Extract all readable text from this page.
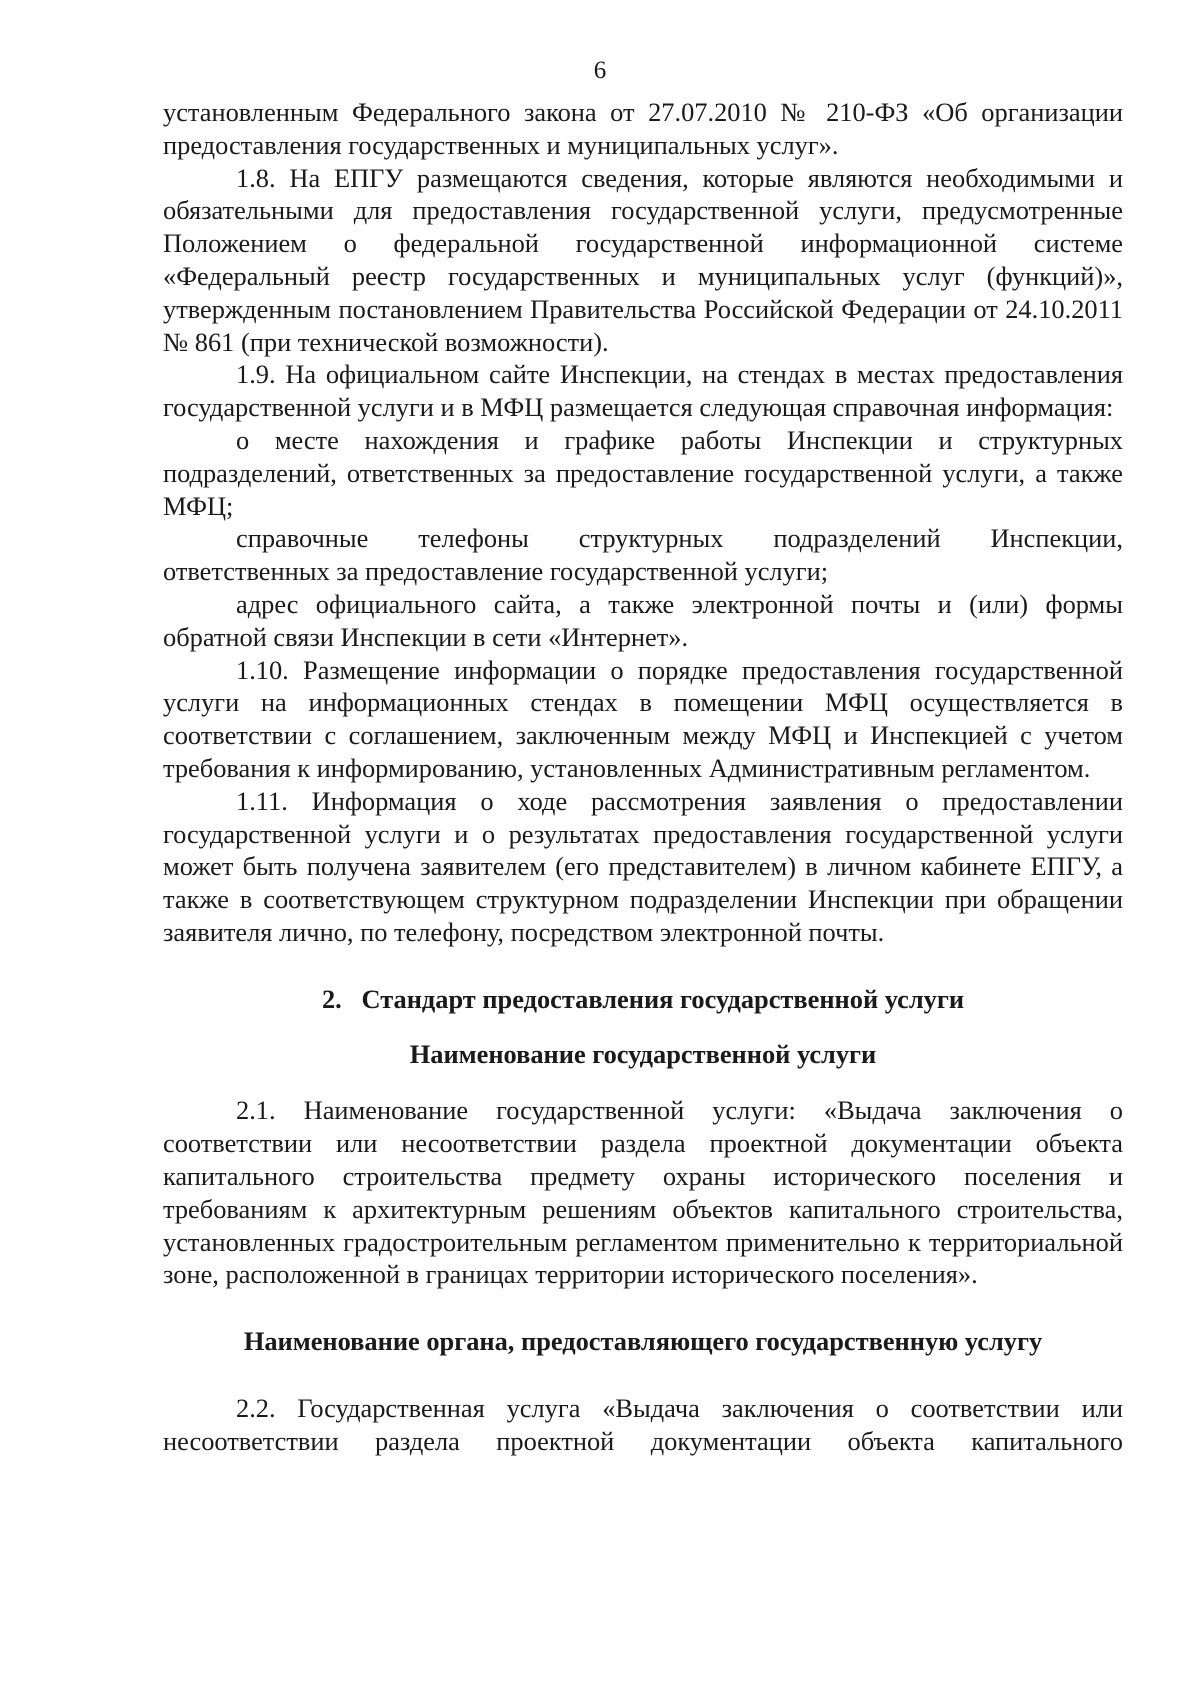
6

установленным Федерального закона от 27.07.2010 № 210-ФЗ «Об организации предоставления государственных и муниципальных услуг».

1.8. На ЕПГУ размещаются сведения, которые являются необходимыми и обязательными для предоставления государственной услуги, предусмотренные Положением о федеральной государственной информационной системе «Федеральный реестр государственных и муниципальных услуг (функций)», утвержденным постановлением Правительства Российской Федерации от 24.10.2011 № 861 (при технической возможности).

1.9. На официальном сайте Инспекции, на стендах в местах предоставления государственной услуги и в МФЦ размещается следующая справочная информация:

о месте нахождения и графике работы Инспекции и структурных подразделений, ответственных за предоставление государственной услуги, а также МФЦ;

справочные телефоны структурных подразделений Инспекции, ответственных за предоставление государственной услуги;

адрес официального сайта, а также электронной почты и (или) формы обратной связи Инспекции в сети «Интернет».

1.10. Размещение информации о порядке предоставления государственной услуги на информационных стендах в помещении МФЦ осуществляется в соответствии с соглашением, заключенным между МФЦ и Инспекцией с учетом требования к информированию, установленных Административным регламентом.

1.11. Информация о ходе рассмотрения заявления о предоставлении государственной услуги и о результатах предоставления государственной услуги может быть получена заявителем (его представителем) в личном кабинете ЕПГУ, а также в соответствующем структурном подразделении Инспекции при обращении заявителя лично, по телефону, посредством электронной почты.

2.   Стандарт предоставления государственной услуги

Наименование государственной услуги

2.1. Наименование государственной услуги: «Выдача заключения о соответствии или несоответствии раздела проектной документации объекта капитального строительства предмету охраны исторического поселения и требованиям к архитектурным решениям объектов капитального строительства, установленных градостроительным регламентом применительно к территориальной зоне, расположенной в границах территории исторического поселения».

Наименование органа, предоставляющего государственную услугу

2.2. Государственная услуга «Выдача заключения о соответствии или несоответствии раздела проектной документации объекта капитального
